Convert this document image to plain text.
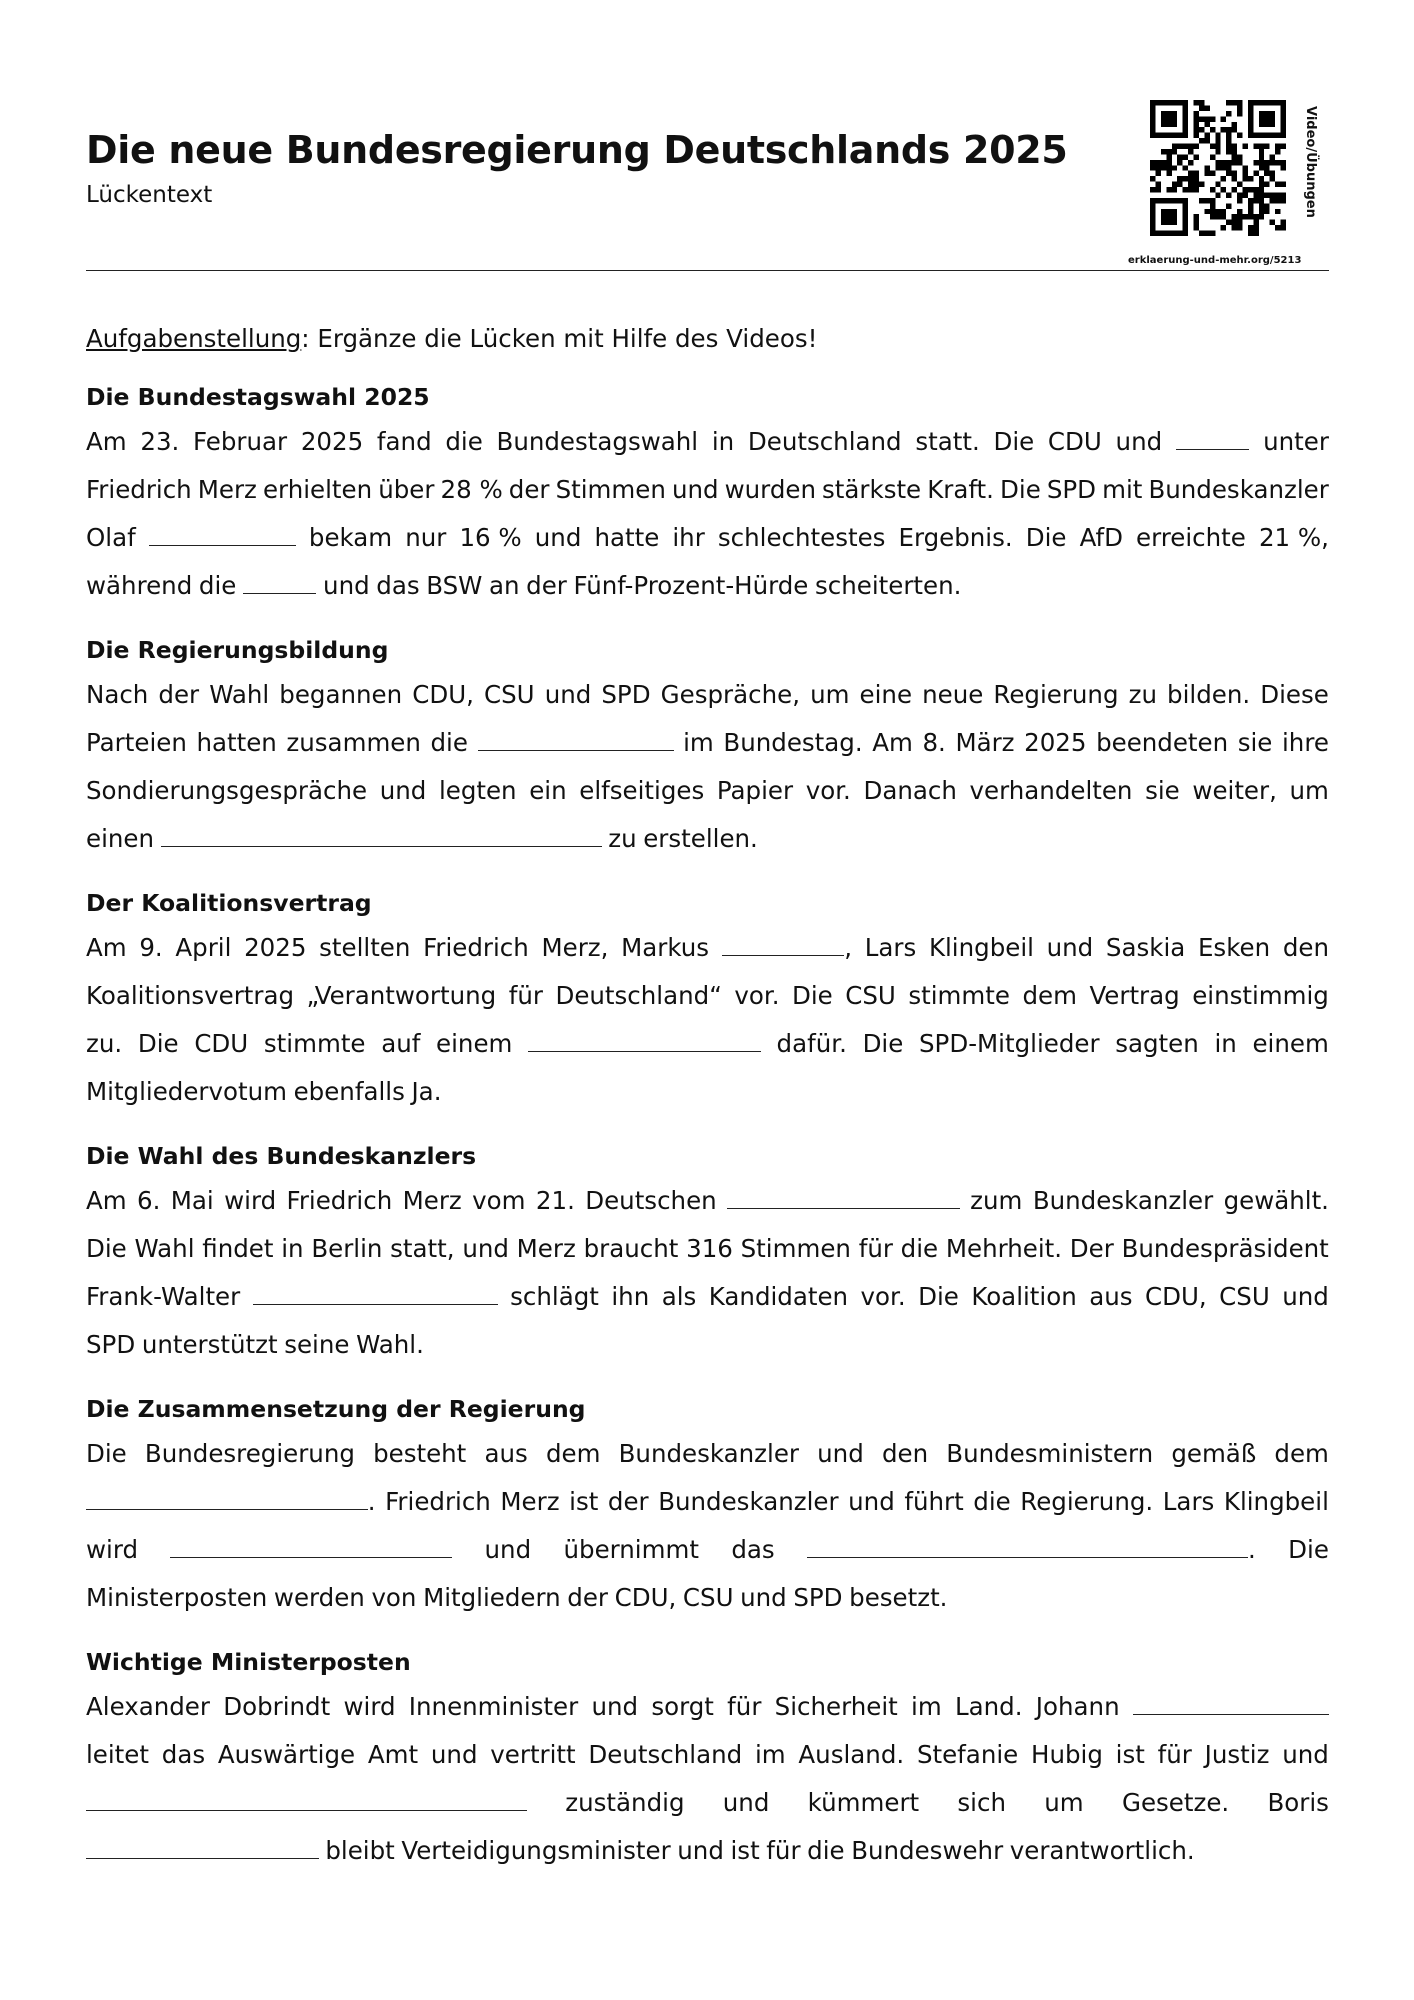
Die neue Bundesregierung Deutschlands 2025
Lückentext	Video/Übungen
erklaerung-und-mehr.org/5213
Aufgabenstellung: Ergänze die Lücken mit Hilfe des Videos!
Die Bundestagswahl 2025
Am 23. Februar 2025 fand die Bundestagswahl in Deutschland statt. Die CDU und	unter
Friedrich Merz erhielten über 28 % der Stimmen und wurden stärkste Kraft. Die SPD mit Bundeskanzler
Olaf	bekam nur 16 % und hatte ihr schlechtestes Ergebnis. Die AfD erreichte 21 %,
während die	und das BSW an der Fünf-Prozent-Hürde scheiterten.
Die Regierungsbildung
Nach der Wahl begannen CDU, CSU und SPD Gespräche, um eine neue Regierung zu bilden. Diese
Parteien hatten zusammen die	im Bundestag. Am 8. März 2025 beendeten sie ihre
Sondierungsgespräche und legten ein elfseitiges Papier vor. Danach verhandelten sie weiter, um
einen	zu erstellen.
Der Koalitionsvertrag
Am 9. April 2025 stellten Friedrich Merz, Markus	, Lars Klingbeil und Saskia Esken den
Koalitionsvertrag „Verantwortung für Deutschland“ vor. Die CSU stimmte dem Vertrag einstimmig
zu. Die CDU stimmte auf einem	dafür. Die SPD-Mitglieder sagten in einem
Mitgliedervotum ebenfalls Ja.
Die Wahl des Bundeskanzlers
Am 6. Mai wird Friedrich Merz vom 21. Deutschen	zum Bundeskanzler gewählt.
Die Wahl findet in Berlin statt, und Merz braucht 316 Stimmen für die Mehrheit. Der Bundespräsident
Frank-Walter	schlägt ihn als Kandidaten vor. Die Koalition aus CDU, CSU und
SPD unterstützt seine Wahl.
Die Zusammensetzung der Regierung
Die Bundesregierung besteht aus dem Bundeskanzler und den Bundesministern gemäß dem
. Friedrich Merz ist der Bundeskanzler und führt die Regierung. Lars Klingbeil
wird	und übernimmt das	. Die
Ministerposten werden von Mitgliedern der CDU, CSU und SPD besetzt.
Wichtige Ministerposten
Alexander Dobrindt wird Innenminister und sorgt für Sicherheit im Land. Johann
leitet das Auswärtige Amt und vertritt Deutschland im Ausland. Stefanie Hubig ist für Justiz und
zuständig und kümmert sich um Gesetze. Boris
bleibt Verteidigungsminister und ist für die Bundeswehr verantwortlich.
